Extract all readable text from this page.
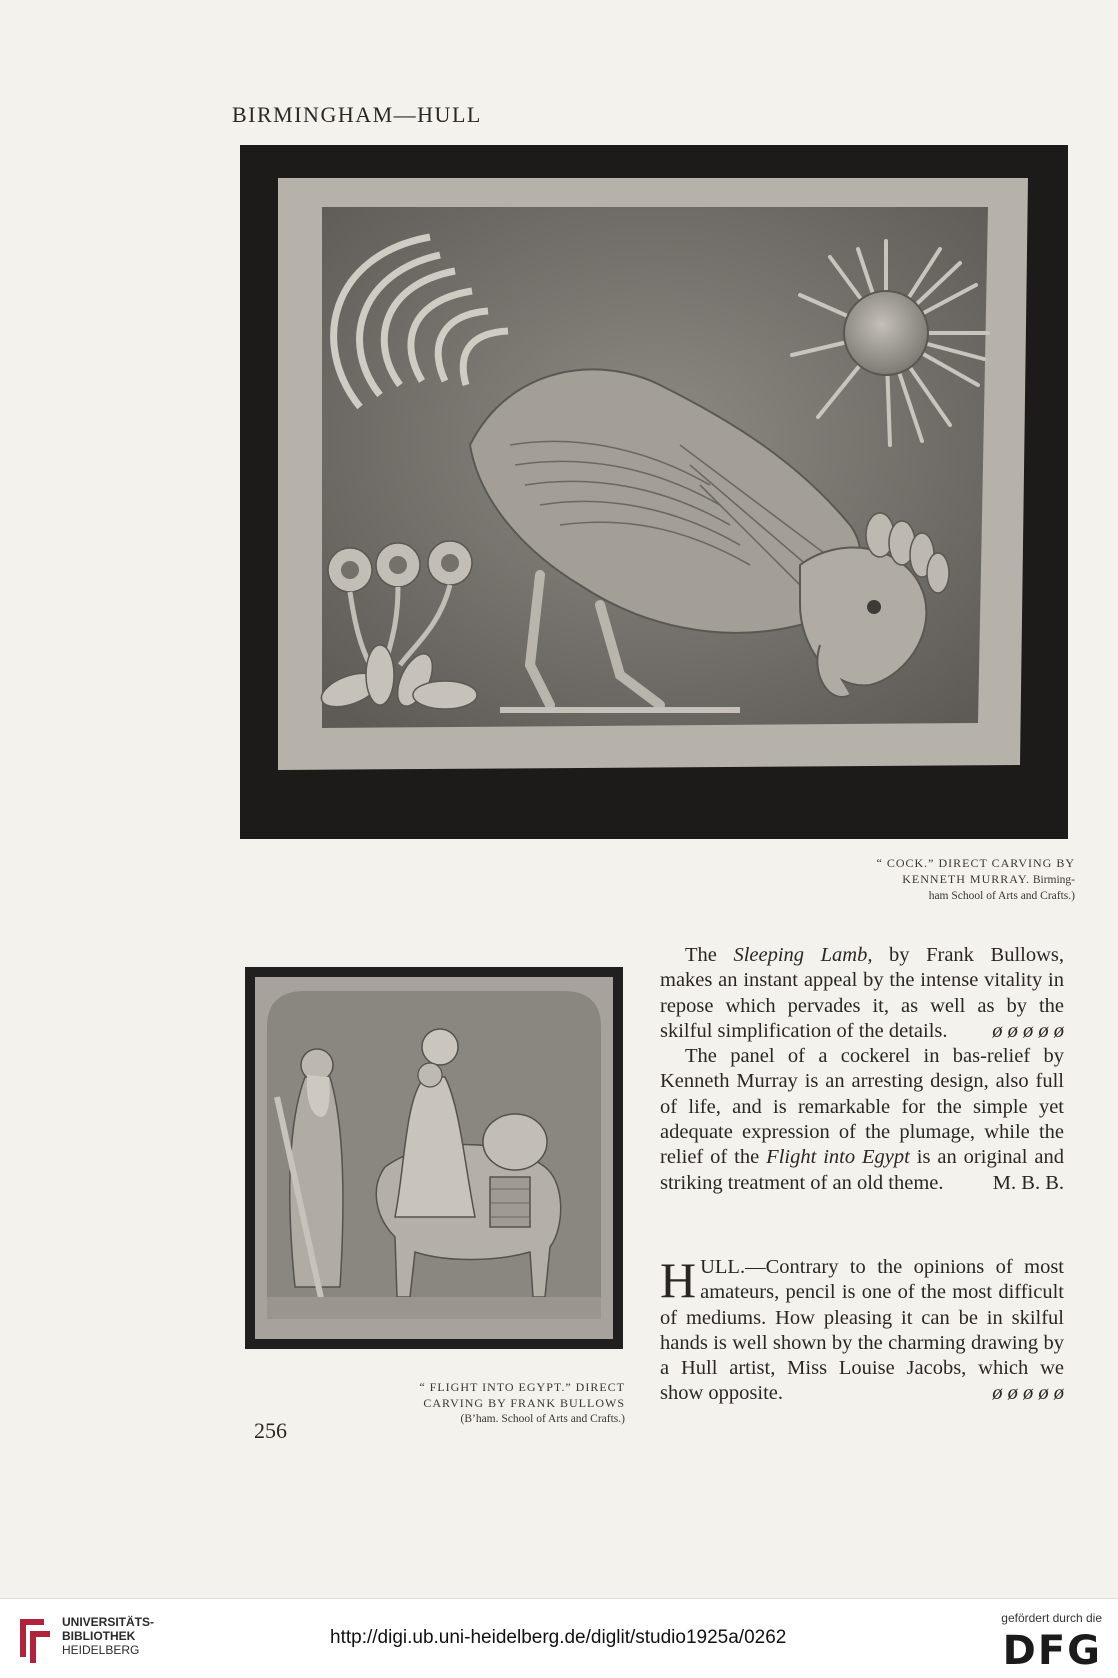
BIRMINGHAM—HULL
“ COCK.” DIRECT CARVING BY
KENNETH MURRAY. Birming-
ham School of Arts and Crafts.)
“ FLIGHT INTO EGYPT.” DIRECT
CARVING BY FRANK BULLOWS
(B’ham. School of Arts and Crafts.)

The Sleeping Lamb, by Frank Bullows, makes an instant appeal by the intense vitality in repose which pervades it, as well as by the skilful simplification of the details.	ø ø ø ø ø

The panel of a cockerel in bas-relief by Kenneth Murray is an arresting design, also full of life, and is remarkable for the simple yet adequate expression of the plumage, while the relief of the Flight into Egypt is an original and striking treatment of an old theme.	M. B. B.

HULL.—Contrary to the opinions of most amateurs, pencil is one of the most difficult of mediums. How pleasing it can be in skilful hands is well shown by the charming drawing by a Hull artist, Miss Louise Jacobs, which we show opposite.	ø ø ø ø ø

256
UNIVERSITÄTS-
BIBLIOTHEK
HEIDELBERG
http://digi.ub.uni-heidelberg.de/diglit/studio1925a/0262
gefördert durch die
DFG
